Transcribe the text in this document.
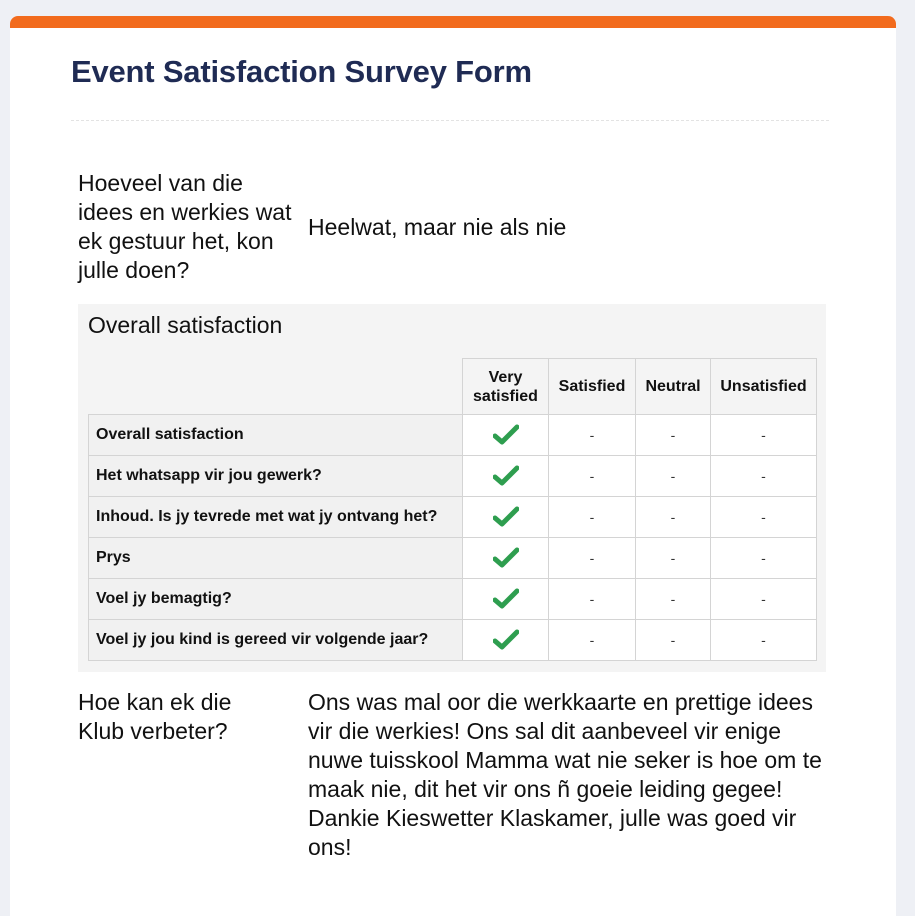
Event Satisfaction Survey Form
Hoeveel van die idees en werkies wat ek gestuur het, kon julle doen?
Heelwat, maar nie als nie
Overall satisfaction
	Very satisfied	Satisfied	Neutral	Unsatisfied
Overall satisfaction		-	-	-
Het whatsapp vir jou gewerk?		-	-	-
Inhoud. Is jy tevrede met wat jy ontvang het?		-	-	-
Prys		-	-	-
Voel jy bemagtig?		-	-	-
Voel jy jou kind is gereed vir volgende jaar?		-	-	-
Hoe kan ek die Klub verbeter?
Ons was mal oor die werkkaarte en prettige idees vir die werkies! Ons sal dit aanbeveel vir enige nuwe tuisskool Mamma wat nie seker is hoe om te maak nie, dit het vir ons ñ goeie leiding gegee! Dankie Kieswetter Klaskamer, julle was goed vir ons!
